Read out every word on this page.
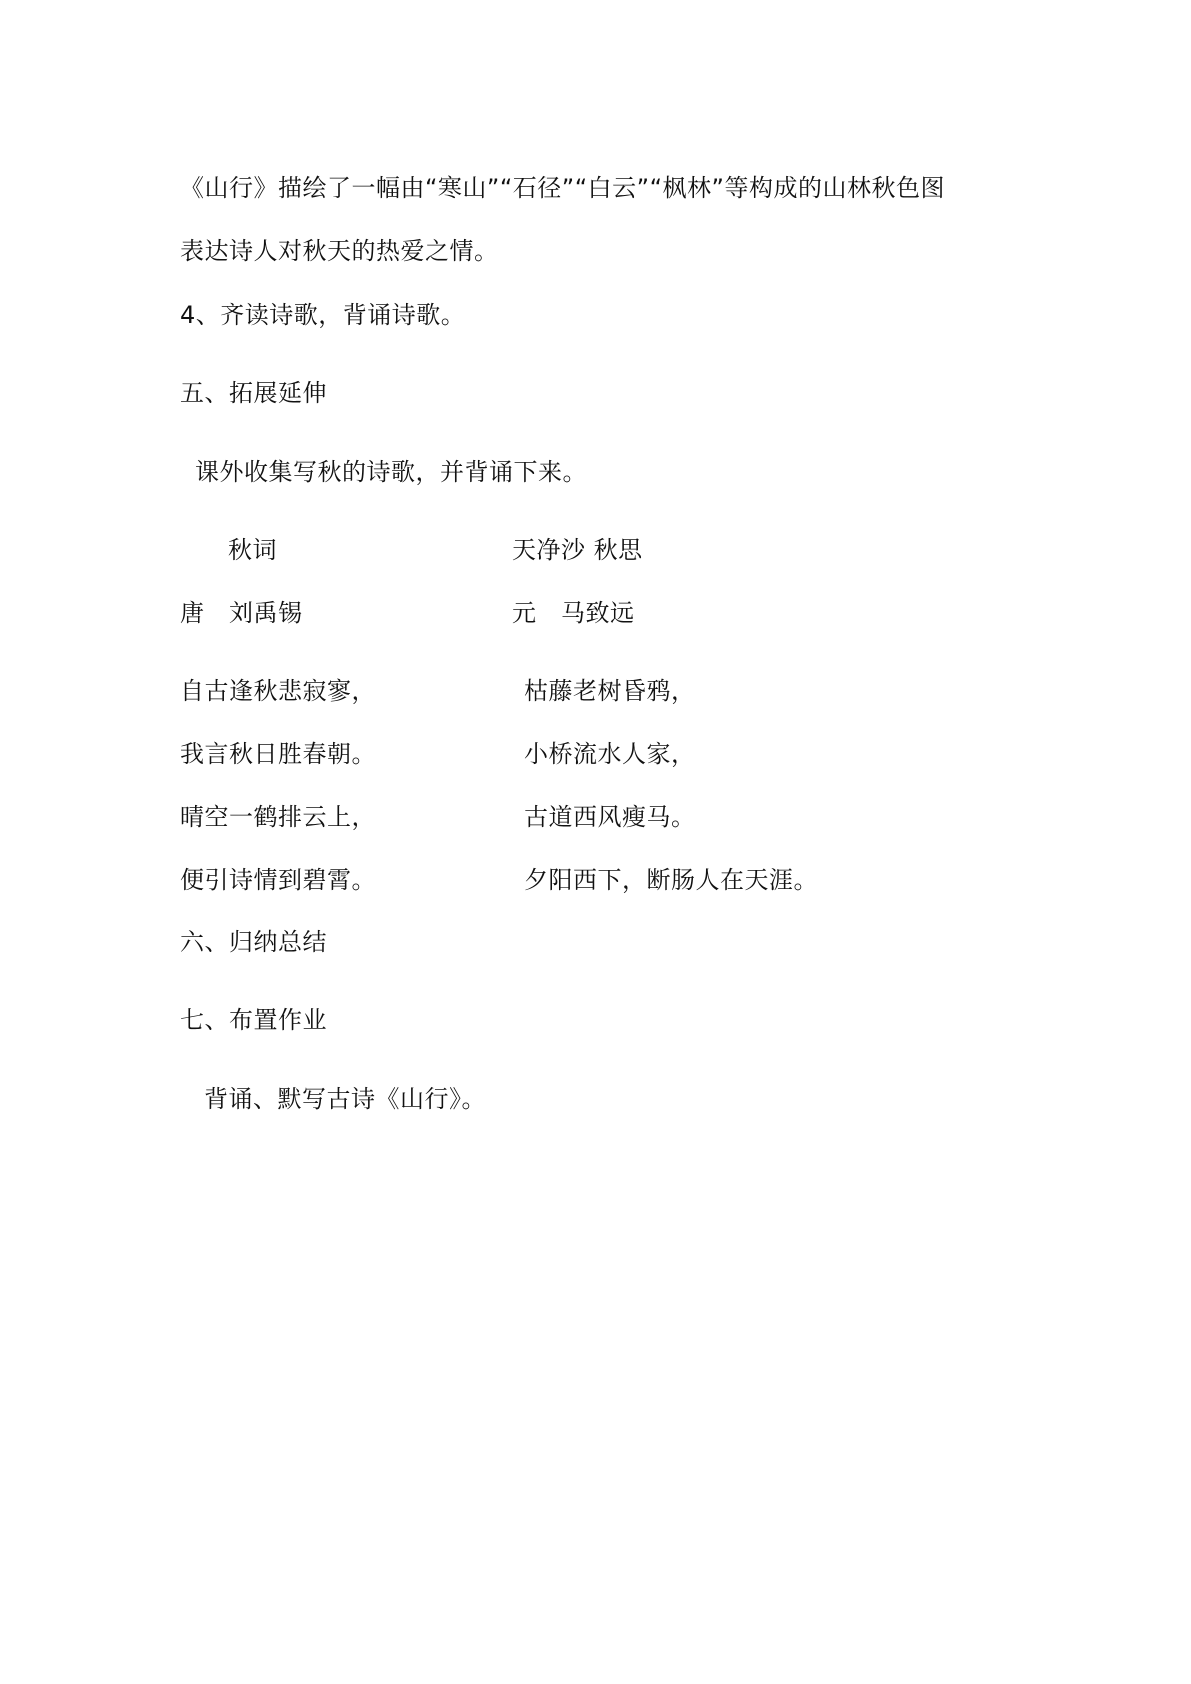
《山行》描绘了一幅由“寒山”“石径”“白云”“枫林”等构成的山林秋色图
表达诗人对秋天的热爱之情。
4、齐读诗歌，背诵诗歌。
五、拓展延伸
课外收集写秋的诗歌，并背诵下来。
秋词	天净沙 秋思
唐　刘禹锡	元　马致远
自古逢秋悲寂寥，	枯藤老树昏鸦，
我言秋日胜春朝。	小桥流水人家，
晴空一鹤排云上，	古道西风瘦马。
便引诗情到碧霄。	夕阳西下，断肠人在天涯。
六、归纳总结
七、布置作业
背诵、默写古诗《山行》。
